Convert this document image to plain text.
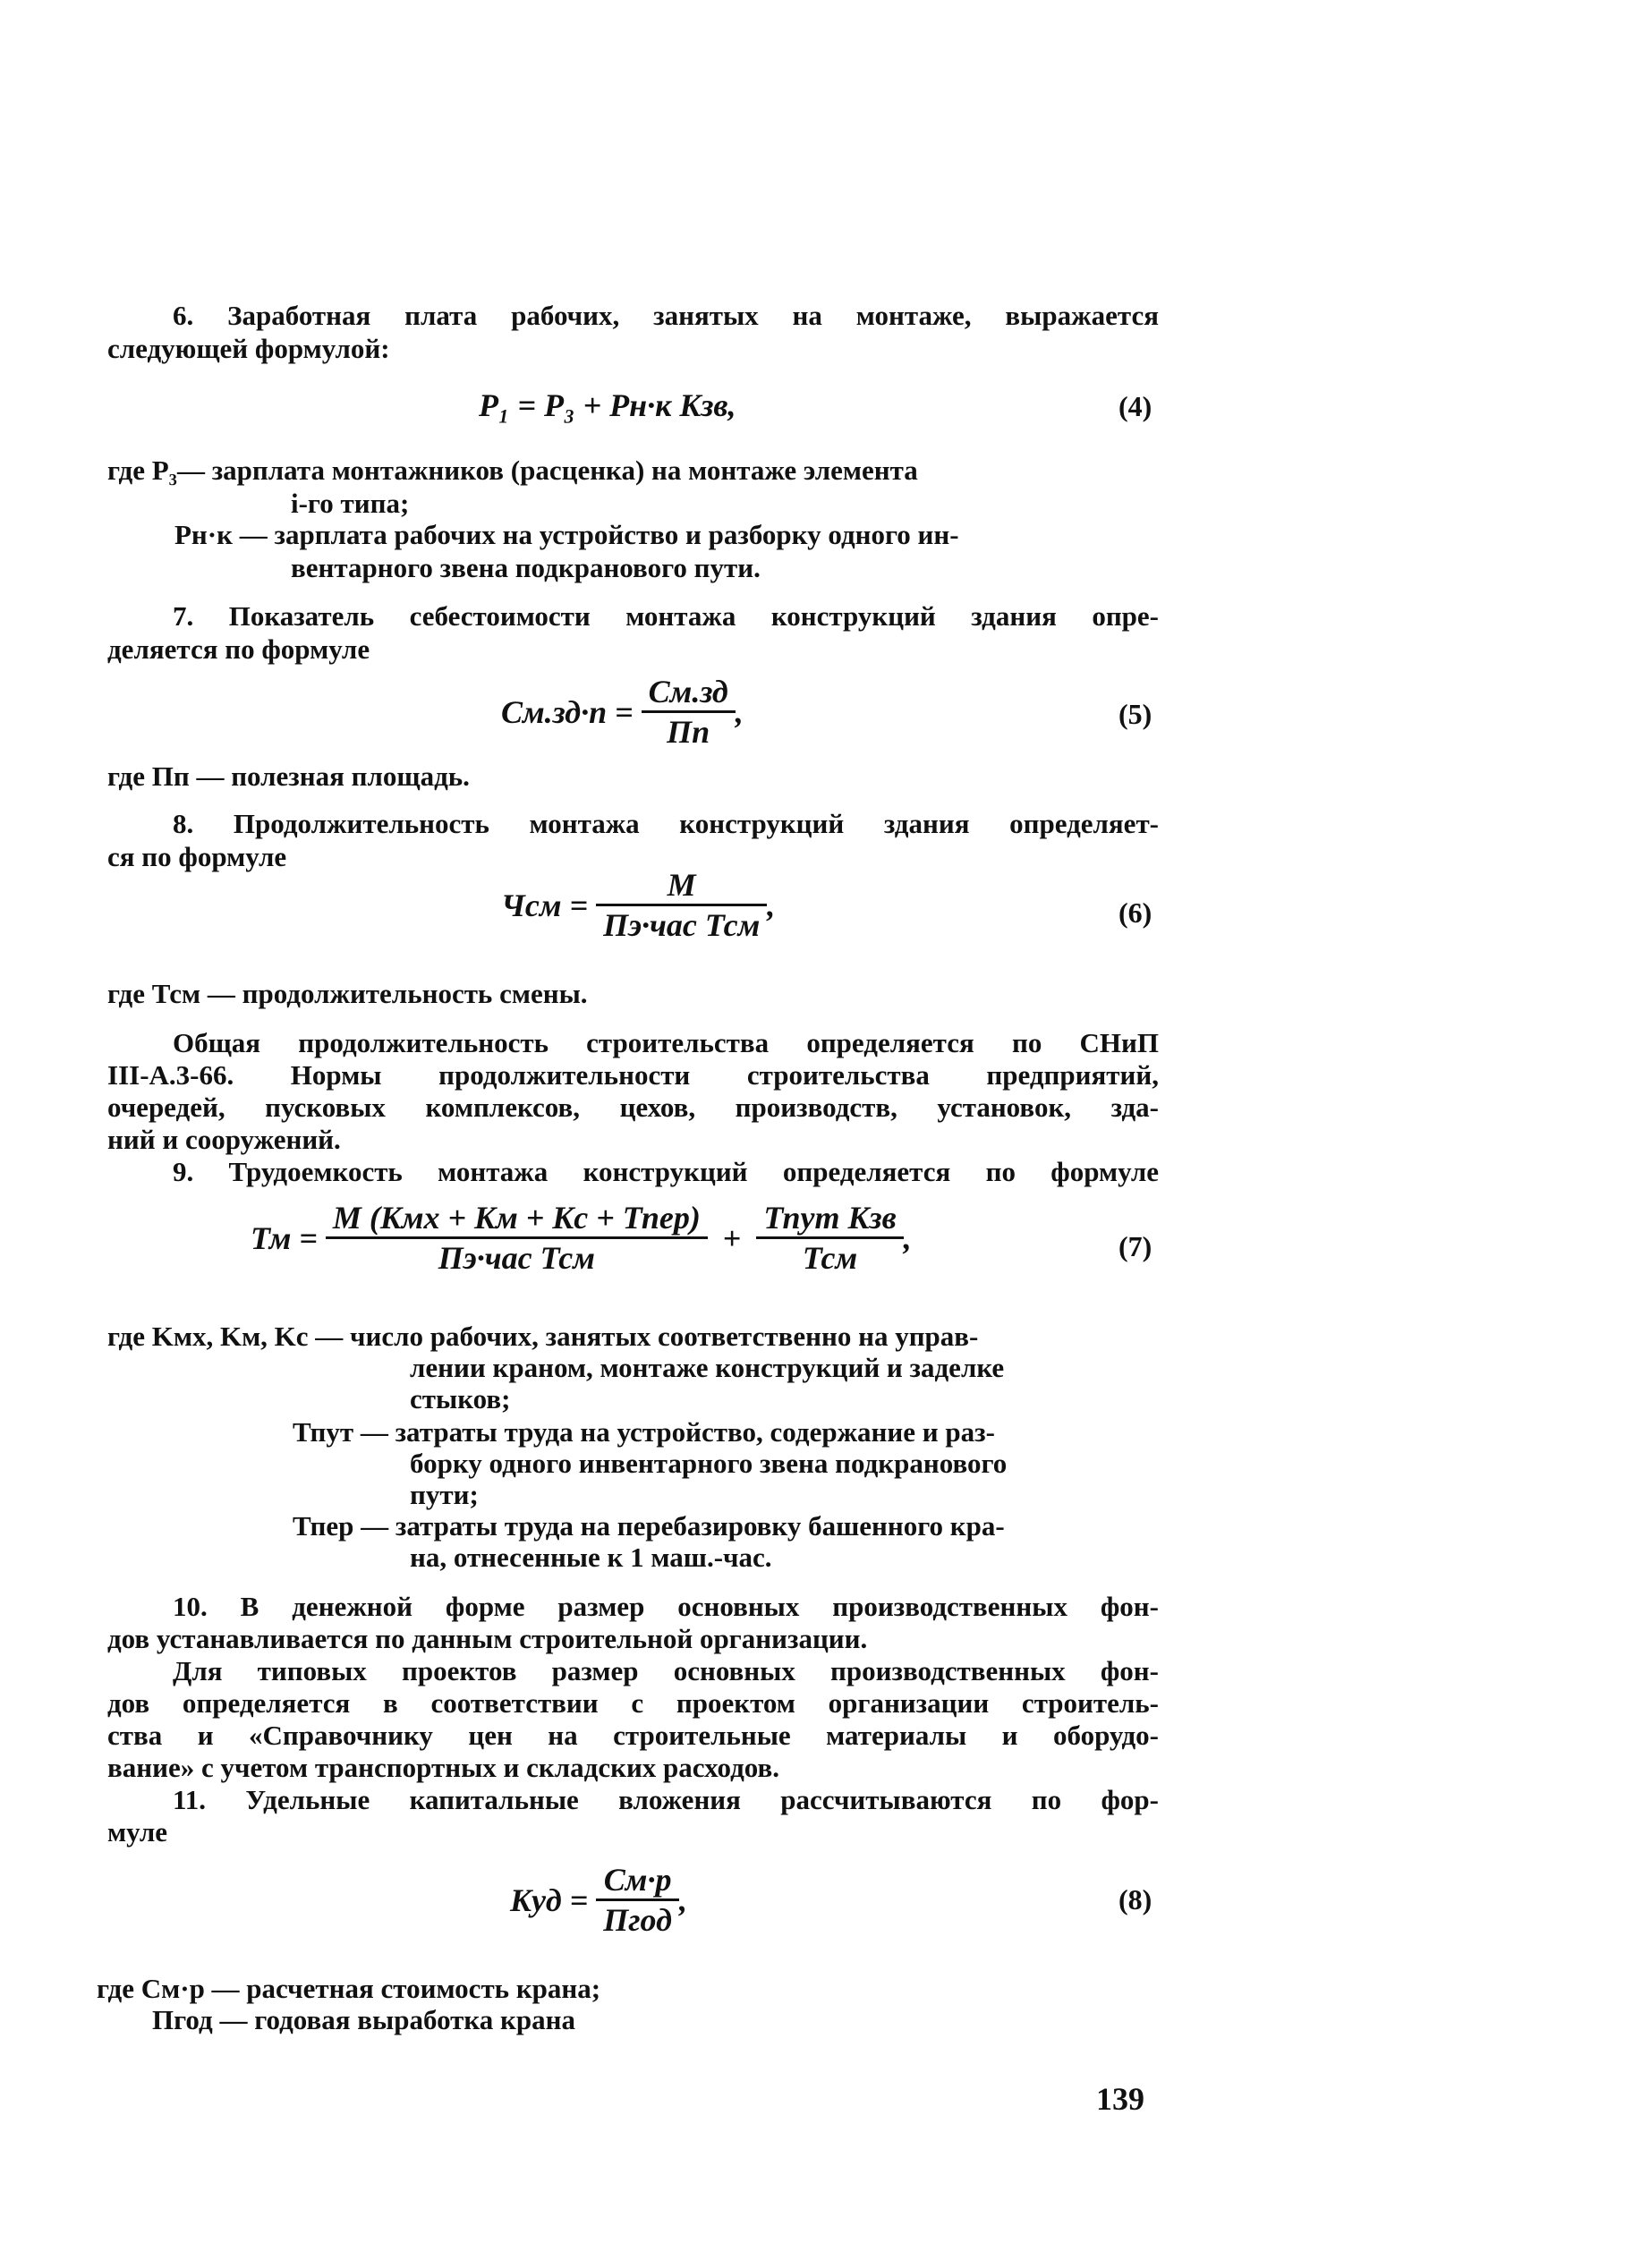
6. Заработная плата рабочих, занятых на монтаже, выражается
следующей формулой:
P₁ = P₃ + Pн·к Kзв,	(4)
где P₃— зарплата монтажников (расценка) на монтаже элемента
i-го типа;
Pн·к — зарплата рабочих на устройство и разборку одного ин-
вентарного звена подкранового пути.
7. Показатель себестоимости монтажа конструкций здания опре-
деляется по формуле
$Cм.зд\cdot п = \frac{Cм.зд}{Пп}$ ,	(5)
где Пп — полезная площадь.
8. Продолжительность монтажа конструкций здания определяет-
ся по формуле
Чсм = $\frac{M}{\text{Пэ·час Тсм}}$ ,	(6)
где Тсм — продолжительность смены.
Общая продолжительность строительства определяется по СНиП
III-А.3-66. Нормы продолжительности строительства предприятий,
очередей, пусковых комплексов, цехов, производств, установок, зда-
ний и сооружений.
9. Трудоемкость монтажа конструкций определяется по формуле
Тм = $\frac{\text{M (Kмх + Kм + Kс + Тпер)}}{\text{Пэ·час Тсм}} + \frac{\text{Тпут Kзв}}{\text{Тсм}}$ ,	(7)
где Kмх, Kм, Kс — число рабочих, занятых соответственно на управ-
лении краном, монтаже конструкций и заделке
стыков;
Тпут — затраты труда на устройство, содержание и раз-
борку одного инвентарного звена подкранового
пути;
Тпер — затраты труда на перебазировку башенного кра-
на, отнесенные к 1 маш.-час.
10. В денежной форме размер основных производственных фон-
дов устанавливается по данным строительной организации.
Для типовых проектов размер основных производственных фон-
дов определяется в соответствии с проектом организации строитель-
ства и «Справочнику цен на строительные материалы и оборудо-
вание» с учетом транспортных и складских расходов.
11. Удельные капитальные вложения рассчитываются по фор-
муле
Kуд = $\frac{Cм\cdot р}{\text{Пгод}}$ ,	(8)
где Cм·р — расчетная стоимость крана;
Пгод — годовая выработка крана
139
